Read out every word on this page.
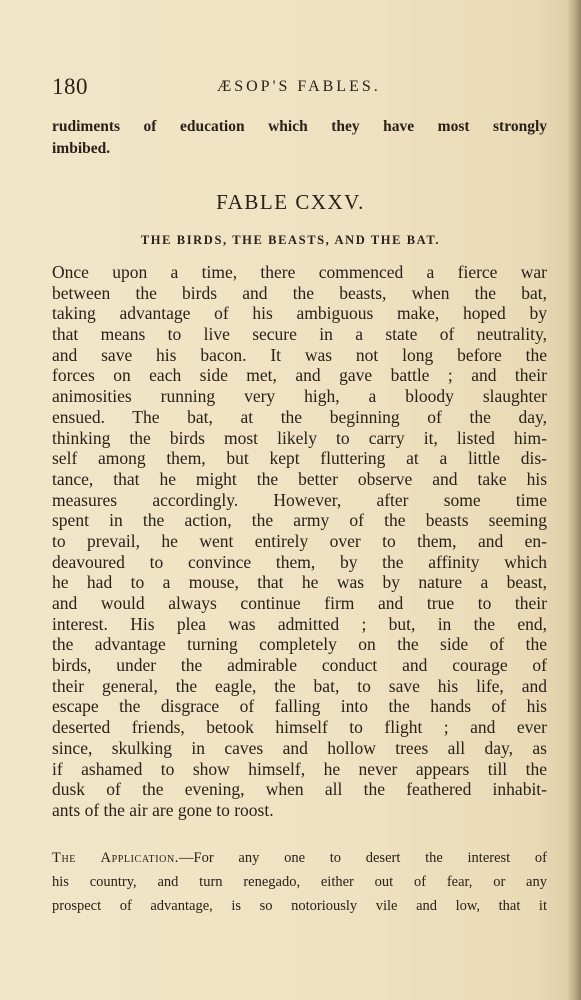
180	ÆSOP'S FABLES.
rudiments of education which they have most strongly
imbibed.
FABLE CXXV.
THE BIRDS, THE BEASTS, AND THE BAT.
Once upon a time, there commenced a fierce war
between the birds and the beasts, when the bat,
taking advantage of his ambiguous make, hoped by
that means to live secure in a state of neutrality,
and save his bacon. It was not long before the
forces on each side met, and gave battle ; and their
animosities running very high, a bloody slaughter
ensued. The bat, at the beginning of the day,
thinking the birds most likely to carry it, listed him-
self among them, but kept fluttering at a little dis-
tance, that he might the better observe and take his
measures accordingly. However, after some time
spent in the action, the army of the beasts seeming
to prevail, he went entirely over to them, and en-
deavoured to convince them, by the affinity which
he had to a mouse, that he was by nature a beast,
and would always continue firm and true to their
interest. His plea was admitted ; but, in the end,
the advantage turning completely on the side of the
birds, under the admirable conduct and courage of
their general, the eagle, the bat, to save his life, and
escape the disgrace of falling into the hands of his
deserted friends, betook himself to flight ; and ever
since, skulking in caves and hollow trees all day, as
if ashamed to show himself, he never appears till the
dusk of the evening, when all the feathered inhabit-
ants of the air are gone to roost.
The Application.—For any one to desert the interest of
his country, and turn renegado, either out of fear, or any
prospect of advantage, is so notoriously vile and low, that it
